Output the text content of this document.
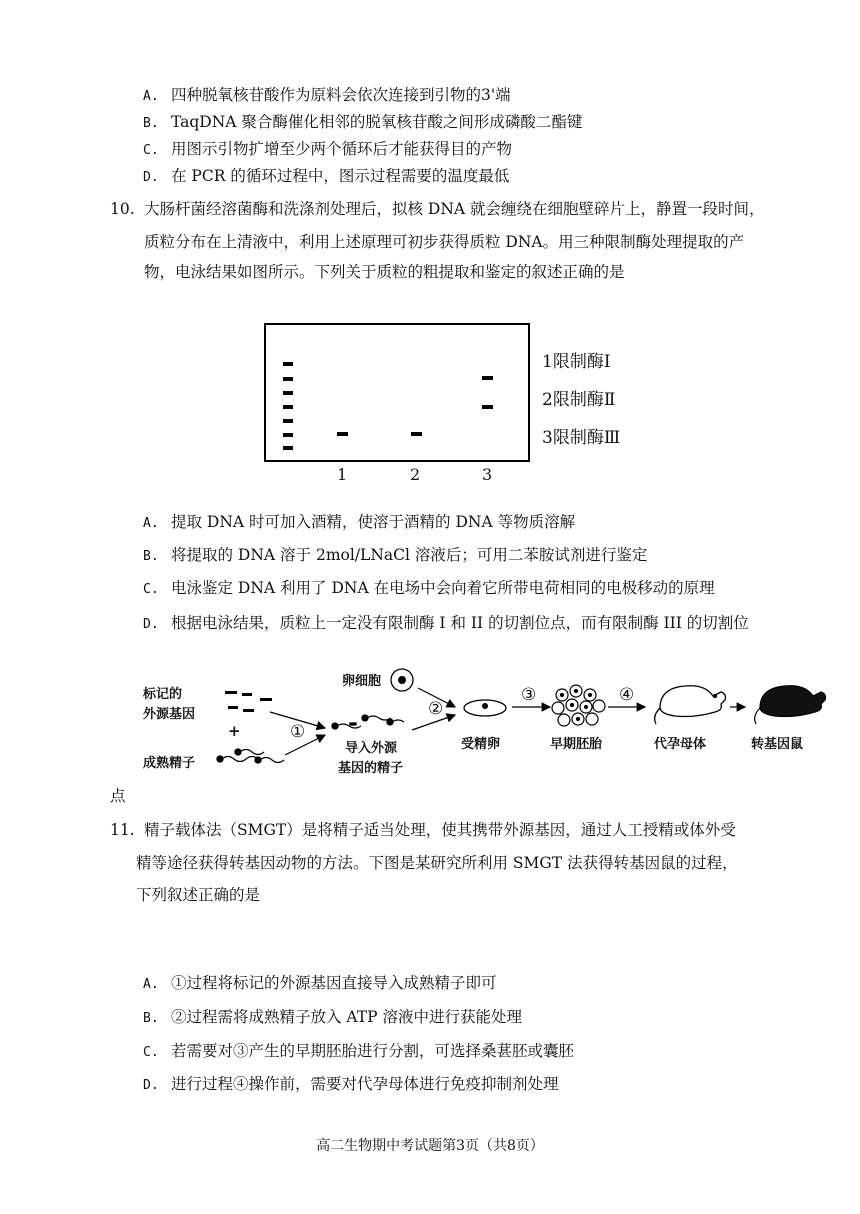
A. 四种脱氧核苷酸作为原料会依次连接到引物的3'端
B. TaqDNA 聚合酶催化相邻的脱氧核苷酸之间形成磷酸二酯键
C. 用图示引物扩增至少两个循环后才能获得目的产物
D. 在 PCR 的循环过程中，图示过程需要的温度最低
10. 大肠杆菌经溶菌酶和洗涤剂处理后，拟核 DNA 就会缠绕在细胞壁碎片上，静置一段时间，
质粒分布在上清液中，利用上述原理可初步获得质粒 DNA。用三种限制酶处理提取的产
物，电泳结果如图所示。下列关于质粒的粗提取和鉴定的叙述正确的是
1	2	3
1限制酶Ⅰ
2限制酶Ⅱ
3限制酶Ⅲ
A. 提取 DNA 时可加入酒精，使溶于酒精的 DNA 等物质溶解
B. 将提取的 DNA 溶于 2mol/LNaCl 溶液后；可用二苯胺试剂进行鉴定
C. 电泳鉴定 DNA 利用了 DNA 在电场中会向着它所带电荷相同的电极移动的原理
D. 根据电泳结果，质粒上一定没有限制酶 I 和 II 的切割位点，而有限制酶 III 的切割位
标记的
外源基因
+
成熟精子
卵细胞
①
②
③	④
导入外源
基因的精子
受精卵	早期胚胎	代孕母体	转基因鼠
点
11. 精子载体法（SMGT）是将精子适当处理，使其携带外源基因，通过人工授精或体外受
精等途径获得转基因动物的方法。下图是某研究所利用 SMGT 法获得转基因鼠的过程，
下列叙述正确的是
A. ①过程将标记的外源基因直接导入成熟精子即可
B. ②过程需将成熟精子放入 ATP 溶液中进行获能处理
C. 若需要对③产生的早期胚胎进行分割，可选择桑葚胚或囊胚
D. 进行过程④操作前，需要对代孕母体进行免疫抑制剂处理
高二生物期中考试题第3页（共8页）
